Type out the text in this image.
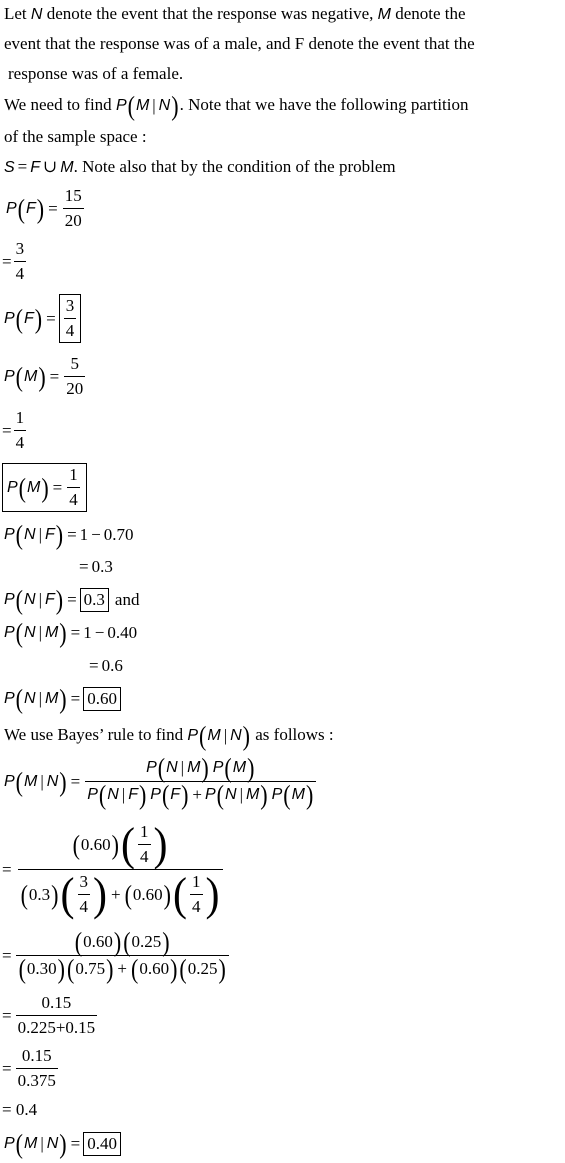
Let N denote the event that the response was negative, M denote the
event that the response was of a male, and F denote the event that the
response was of a female.
We need to find P ( M | N ) . Note that we have the following partition
of the sample space :
S = F ∪ M. Note also that by the condition of the problem
P ( F ) = $\frac{15}{20}$
= $\frac{3}{4}$
P ( F ) = $\frac{3}{4}$
P ( M ) = $\frac{5}{20}$
= $\frac{1}{4}$
P ( M ) = $\frac{1}{4}$
P ( N | F ) = 1 − 0.70
= 0.3
P ( N | F ) = 0.3 and
P ( N | M ) = 1 − 0.40
= 0.6
P ( N | M ) = 0.60
We use Bayes’ rule to find P ( M | N ) as follows :
P ( M | N ) = $\frac{P ( N | M ) P ( M )}{P ( N | F ) P ( F ) + P ( N | M ) P ( M )}$
= $\frac{( 0.60 ) ( \frac{1}{4} )}{( 0.3 ) ( \frac{3}{4} ) + ( 0.60 ) ( \frac{1}{4} )}$
= $\frac{( 0.60 ) ( 0.25 )}{( 0.30 ) ( 0.75 ) + ( 0.60 ) ( 0.25 )}$
= $\frac{0.15}{0.225+0.15}$
= $\frac{0.15}{0.375}$
= 0.4
P ( M | N ) = 0.40
